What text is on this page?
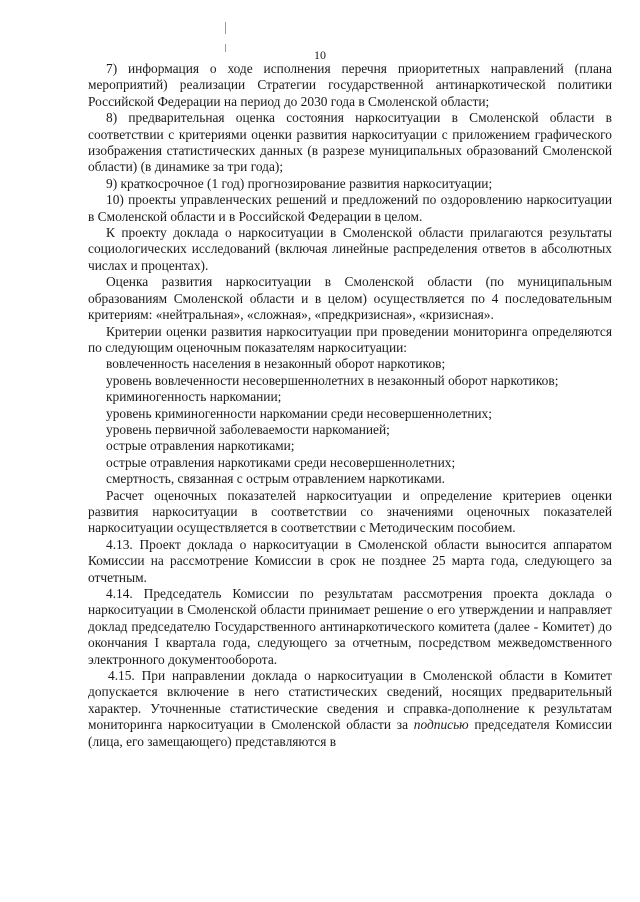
10

7) информация о ходе исполнения перечня приоритетных направлений (плана мероприятий) реализации Стратегии государственной антинаркотической политики Российской Федерации на период до 2030 года в Смоленской области;

8) предварительная оценка состояния наркоситуации в Смоленской области в соответствии с критериями оценки развития наркоситуации с приложением графического изображения статистических данных (в разрезе муниципальных образований Смоленской области) (в динамике за три года);

9) краткосрочное (1 год) прогнозирование развития наркоситуации;

10) проекты управленческих решений и предложений по оздоровлению наркоситуации в Смоленской области и в Российской Федерации в целом.

К проекту доклада о наркоситуации в Смоленской области прилагаются результаты социологических исследований (включая линейные распределения ответов в абсолютных числах и процентах).

Оценка развития наркоситуации в Смоленской области (по муниципальным образованиям Смоленской области и в целом) осуществляется по 4 последовательным критериям: «нейтральная», «сложная», «предкризисная», «кризисная».

Критерии оценки развития наркоситуации при проведении мониторинга определяются по следующим оценочным показателям наркоситуации:

вовлеченность населения в незаконный оборот наркотиков;

уровень вовлеченности несовершеннолетних в незаконный оборот наркотиков;

криминогенность наркомании;

уровень криминогенности наркомании среди несовершеннолетних;

уровень первичной заболеваемости наркоманией;

острые отравления наркотиками;

острые отравления наркотиками среди несовершеннолетних;

смертность, связанная с острым отравлением наркотиками.

Расчет оценочных показателей наркоситуации и определение критериев оценки развития наркоситуации в соответствии со значениями оценочных показателей наркоситуации осуществляется в соответствии с Методическим пособием.

4.13. Проект доклада о наркоситуации в Смоленской области выносится аппаратом Комиссии на рассмотрение Комиссии в срок не позднее 25 марта года, следующего за отчетным.

4.14. Председатель Комиссии по результатам рассмотрения проекта доклада о наркоситуации в Смоленской области принимает решение о его утверждении и направляет доклад председателю Государственного антинаркотического комитета (далее - Комитет) до окончания I квартала года, следующего за отчетным, посредством межведомственного электронного документооборота.

4.15. При направлении доклада о наркоситуации в Смоленской области в Комитет допускается включение в него статистических сведений, носящих предварительный характер. Уточненные статистические сведения и справка-дополнение к результатам мониторинга наркоситуации в Смоленской области за подписью председателя Комиссии (лица, его замещающего) представляются в
